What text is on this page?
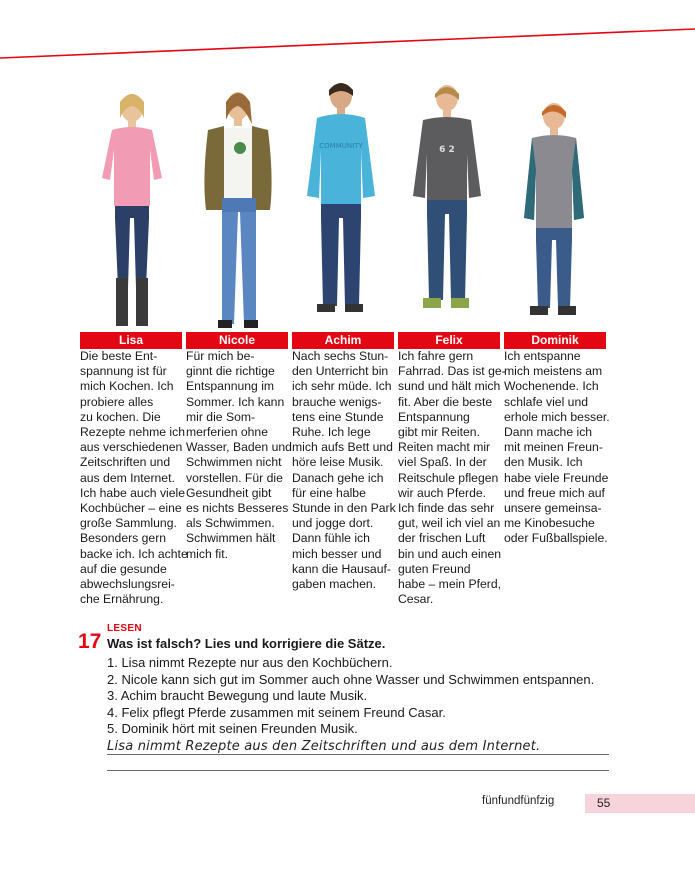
COMMUNITY	6 2
Lisa	Nicole	Achim	Felix	Dominik
Die beste Ent-
spannung ist für
mich Kochen. Ich
probiere alles
zu kochen. Die
Rezepte nehme ich
aus verschiedenen
Zeitschriften und
aus dem Internet.
Ich habe auch viele
Kochbücher – eine
große Sammlung.
Besonders gern
backe ich. Ich achte
auf die gesunde
abwechslungsrei-
che Ernährung.
Für mich be-
ginnt die richtige
Entspannung im
Sommer. Ich kann
mir die Som-
merferien ohne
Wasser, Baden und
Schwimmen nicht
vorstellen. Für die
Gesundheit gibt
es nichts Besseres
als Schwimmen.
Schwimmen hält
mich fit.
Nach sechs Stun-
den Unterricht bin
ich sehr müde. Ich
brauche wenigs-
tens eine Stunde
Ruhe. Ich lege
mich aufs Bett und
höre leise Musik.
Danach gehe ich
für eine halbe
Stunde in den Park
und jogge dort.
Dann fühle ich
mich besser und
kann die Hausauf-
gaben machen.
Ich fahre gern
Fahrrad. Das ist ge-
sund und hält mich
fit. Aber die beste
Entspannung
gibt mir Reiten.
Reiten macht mir
viel Spaß. In der
Reitschule pflegen
wir auch Pferde.
Ich finde das sehr
gut, weil ich viel an
der frischen Luft
bin und auch einen
guten Freund
habe – mein Pferd,
Cesar.
Ich entspanne
mich meistens am
Wochenende. Ich
schlafe viel und
erhole mich besser.
Dann mache ich
mit meinen Freun-
den Musik. Ich
habe viele Freunde
und freue mich auf
unsere gemeinsa-
me Kinobesuche
oder Fußballspiele.
LESEN
17 Was ist falsch? Lies und korrigiere die Sätze.
1. Lisa nimmt Rezepte nur aus den Kochbüchern.
2. Nicole kann sich gut im Sommer auch ohne Wasser und Schwimmen entspannen.
3. Achim braucht Bewegung und laute Musik.
4. Felix pflegt Pferde zusammen mit seinem Freund Casar.
5. Dominik hört mit seinen Freunden Musik.
Lisa nimmt Rezepte aus den Zeitschriften und aus dem Internet.
fünfundfünfzig	55
